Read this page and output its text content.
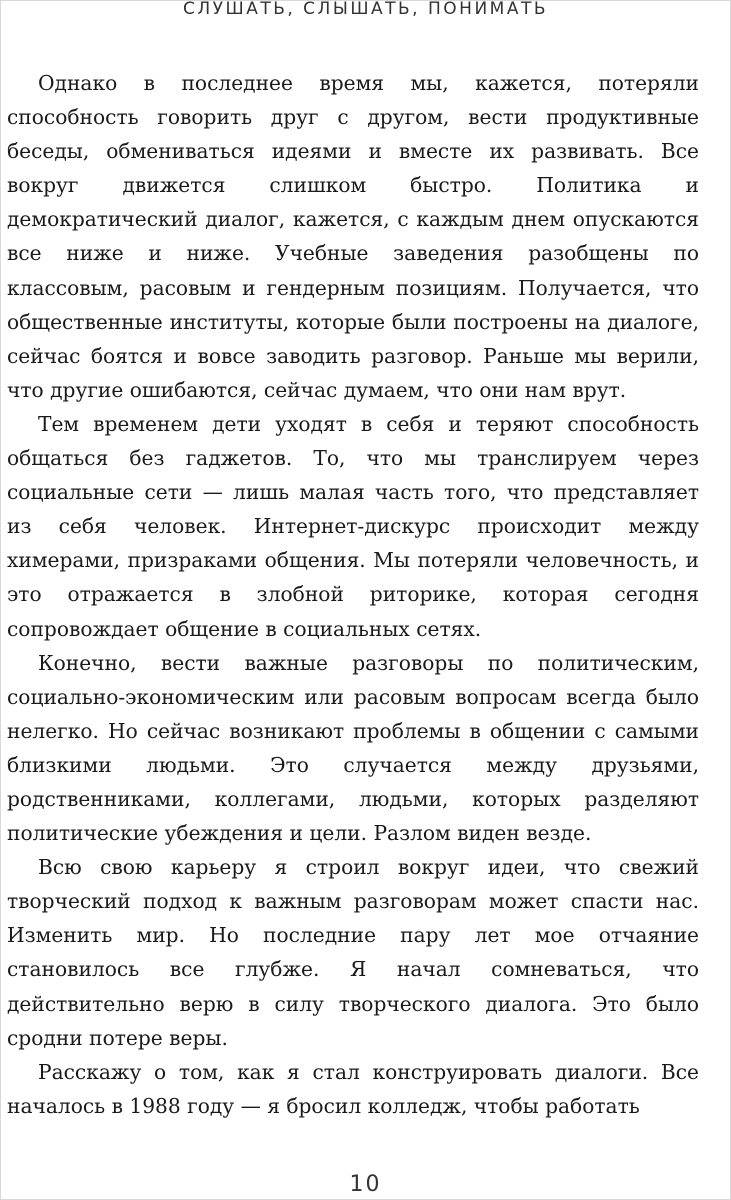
СЛУШАТЬ, СЛЫШАТЬ, ПОНИМАТЬ

Однако в последнее время мы, кажется, потеряли способность говорить друг с другом, вести продуктивные беседы, обмениваться идеями и вместе их развивать. Все вокруг движется слишком быстро. Политика и демократический диалог, кажется, с каждым днем опускаются все ниже и ниже. Учебные заведения разобщены по классовым, расовым и гендерным позициям. Получается, что общественные институты, которые были построены на диалоге, сейчас боятся и вовсе заводить разговор. Раньше мы верили, что другие ошибаются, сейчас думаем, что они нам врут.

Тем временем дети уходят в себя и теряют способность общаться без гаджетов. То, что мы транслируем через социальные сети — лишь малая часть того, что представляет из себя человек. Интернет-дискурс происходит между химерами, призраками общения. Мы потеряли человечность, и это отражается в злобной риторике, которая сегодня сопровождает общение в социальных сетях.

Конечно, вести важные разговоры по политическим, социально-экономическим или расовым вопросам всегда было нелегко. Но сейчас возникают проблемы в общении с самыми близкими людьми. Это случается между друзьями, родственниками, коллегами, людьми, которых разделяют политические убеждения и цели. Разлом виден везде.

Всю свою карьеру я строил вокруг идеи, что свежий творческий подход к важным разговорам может спасти нас. Изменить мир. Но последние пару лет мое отчаяние становилось все глубже. Я начал сомневаться, что действительно верю в силу творческого диалога. Это было сродни потере веры.

Расскажу о том, как я стал конструировать диалоги. Все началось в 1988 году — я бросил колледж, чтобы работать

10
